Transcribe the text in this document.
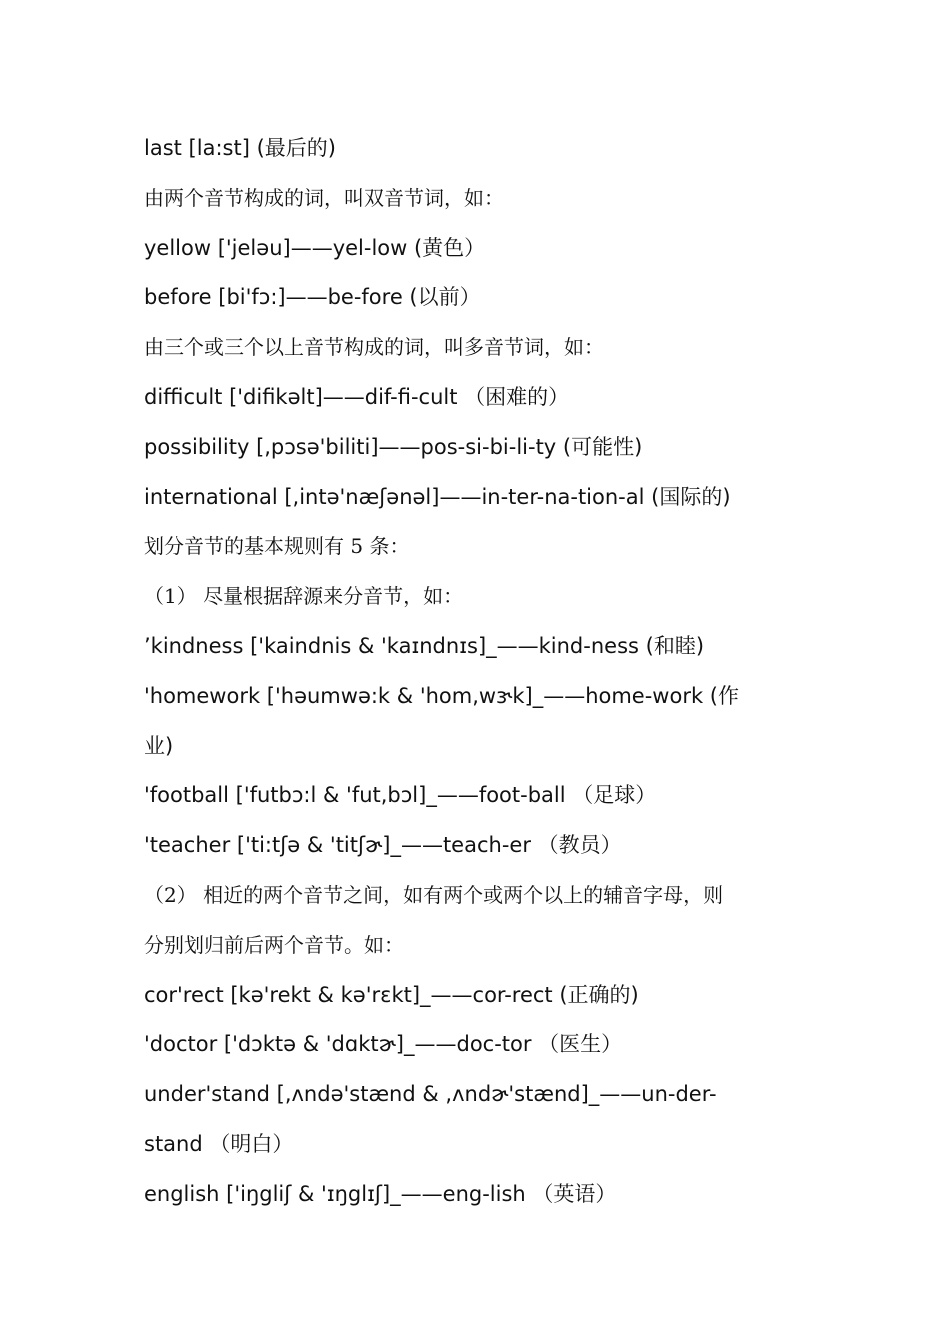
last [la:st] (最后的)
由两个音节构成的词，叫双音节词，如：
yellow ['jeləu]——yel-low (黄色）
before [bi'fɔ:]——be-fore (以前）
由三个或三个以上音节构成的词，叫多音节词，如：
difficult ['difikəlt]——dif-fi-cult （困难的）
possibility [,pɔsə'biliti]——pos-si-bi-li-ty (可能性)
international [,intə'næʃənəl]——in-ter-na-tion-al (国际的)
划分音节的基本规则有 5 条：
（1） 尽量根据辞源来分音节，如：
’kindness ['kaindnis & 'kaɪndnɪs]_——kind-ness (和睦)
'homework ['həumwə:k & 'hom,wɝk]_——home-work (作
业)
'football ['futbɔ:l & 'fut,bɔl]_——foot-ball （足球）
'teacher ['ti:tʃə & 'titʃɚ]_——teach-er （教员）
（2） 相近的两个音节之间，如有两个或两个以上的辅音字母，则
分别划归前后两个音节。如：
cor'rect [kə'rekt & kə'rɛkt]_——cor-rect (正确的)
'doctor ['dɔktə & 'dɑktɚ]_——doc-tor （医生）
under'stand [,ʌndə'stænd & ,ʌndɚ'stænd]_——un-der-
stand （明白）
english ['iŋgliʃ & 'ɪŋglɪʃ]_——eng-lish （英语）
